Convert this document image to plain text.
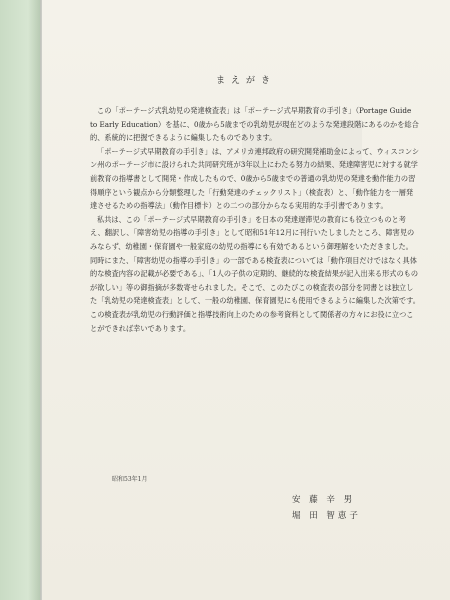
まえがき

この「ポーテージ式乳幼児の発達検査表」は「ポーテージ式早期教育の手引き」（Portage Guide to Early Education）を基に、0歳から5歳までの乳幼児が現在どのような発達段階にあるのかを総合的、系統的に把握できるように編集したものであります。

「ポーテージ式早期教育の手引き」は、アメリカ連邦政府の研究開発補助金によって、ウィスコンシン州のポーテージ市に設けられた共同研究班が3年以上にわたる努力の結果、発達障害児に対する就学前教育の指導書として開発・作成したもので、0歳から5歳までの普通の乳幼児の発達を動作能力の習得順序という観点から分類整理した「行動発達のチェックリスト」（検査表）と、「動作能力を一層発達させるための指導法」（動作目標卡）との二つの部分からなる実用的な手引書であります。

私共は、この「ポーテージ式早期教育の手引き」を日本の発達遅滞児の教育にも役立つものと考え、翻訳し、「障害幼児の指導の手引き」として昭和51年12月に刊行いたしましたところ、障害児のみならず、幼稚園・保育園や一般家庭の幼児の指導にも有効であるという御理解をいただきました。同時にまた、「障害幼児の指導の手引き」の一部である検査表については「動作項目だけではなく具体的な検査内容の記載が必要である」、「1人の子供の定期的、継続的な検査結果が記入出来る形式のものが欲しい」等の御指摘が多数寄せられました。そこで、このたびこの検査表の部分を同書とは独立した「乳幼児の発達検査表」として、一般の幼稚園、保育園児にも使用できるように編集した次第です。この検査表が乳幼児の行動評価と指導技術向上のための参考資料として関係者の方々にお役に立つことができれば幸いであります。

昭和53年1月
安 藤 辛 男
堀 田 智恵子
